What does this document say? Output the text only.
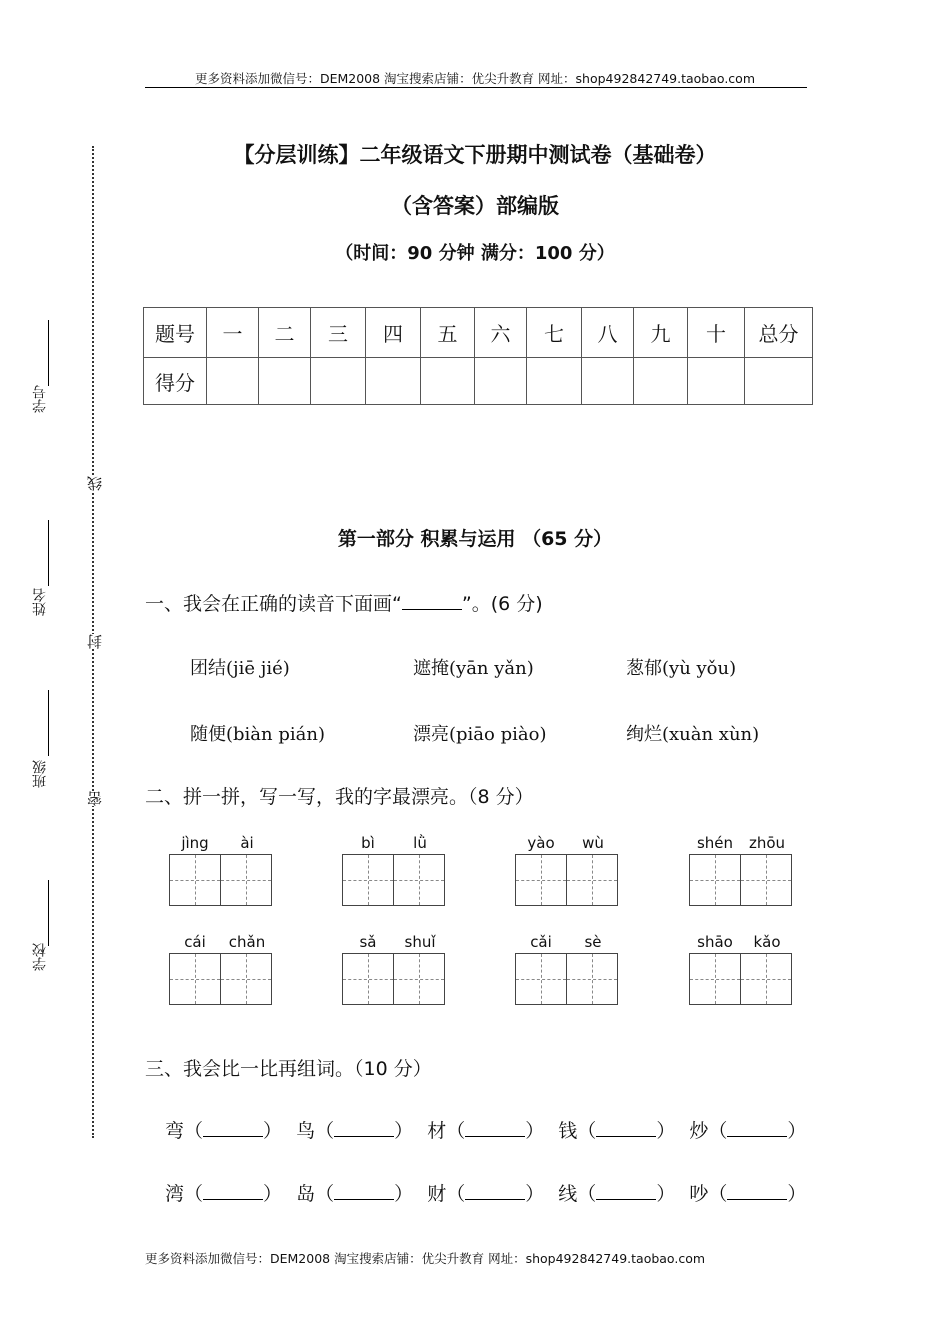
更多资料添加微信号：DEM2008 淘宝搜索店铺：优尖升教育 网址：shop492842749.taobao.com
学号
姓名
班级
学校
线
封
密
【分层训练】二年级语文下册期中测试卷（基础卷）
（含答案）部编版
（时间：90 分钟 满分：100 分）
题号	一	二	三	四	五	六	七	八	九	十	总分
得分											
第一部分 积累与运用 （65 分）
一、我会在正确的读音下面画“	”。(6 分)
团结(jiē jié)	遮掩(yān yǎn)	葱郁(yù yǒu)
随便(biàn pián)	漂亮(piāo piào)	绚烂(xuàn xùn)
二、拼一拼，写一写，我的字最漂亮。（8 分）
jìng	ài	bì	lǜ	yào	wù	shén	zhōu
cái	chǎn	sǎ	shuǐ	cǎi	sè	shāo	kǎo
三、我会比一比再组词。（10 分）
弯（	） 鸟（	） 材（	） 钱（	） 炒（	）
湾（	） 岛（	） 财（	） 线（	） 吵（	）
更多资料添加微信号：DEM2008 淘宝搜索店铺：优尖升教育 网址：shop492842749.taobao.com
